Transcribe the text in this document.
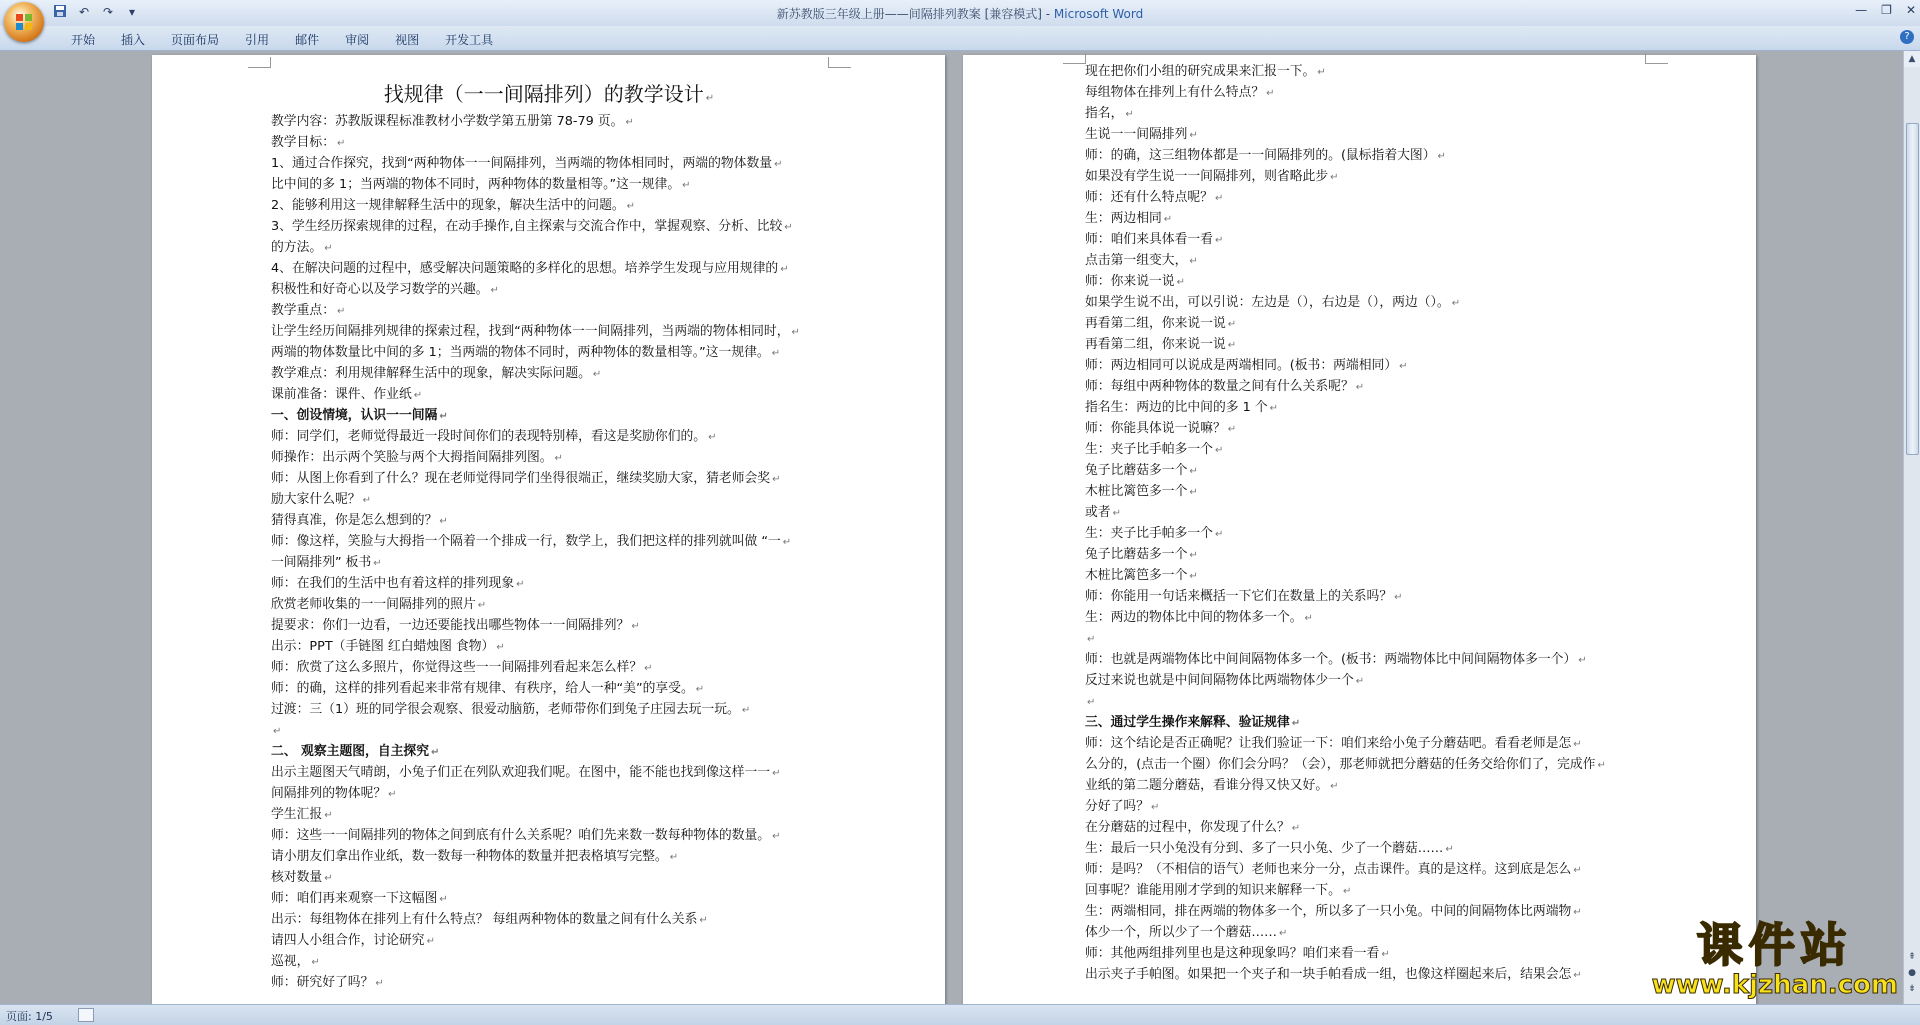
↶ ↷	▾	新苏教版三年级上册——间隔排列教案 [兼容模式] - Microsoft Word	— ❐ ✕
开始	插入	页面布局	引用	邮件	审阅	视图	开发工具	?
找规律（一一间隔排列）的教学设计 ↵
教学内容：苏教版课程标准教材小学数学第五册第 78-79 页。 ↵
教学目标： ↵
1、通过合作探究，找到“两种物体一一间隔排列，当两端的物体相同时，两端的物体数量 ↵
比中间的多 1；当两端的物体不同时，两种物体的数量相等。”这一规律。 ↵
2、能够利用这一规律解释生活中的现象，解决生活中的问题。 ↵
3、学生经历探索规律的过程，在动手操作,自主探索与交流合作中，掌握观察、分析、比较 ↵
的方法。 ↵
4、在解决问题的过程中，感受解决问题策略的多样化的思想。培养学生发现与应用规律的 ↵
积极性和好奇心以及学习数学的兴趣。 ↵
教学重点： ↵
让学生经历间隔排列规律的探索过程，找到“两种物体一一间隔排列，当两端的物体相同时， ↵
两端的物体数量比中间的多 1；当两端的物体不同时，两种物体的数量相等。”这一规律。 ↵
教学难点：利用规律解释生活中的现象，解决实际问题。 ↵
课前准备：课件、作业纸 ↵
一、创设情境，认识一一间隔 ↵
师：同学们，老师觉得最近一段时间你们的表现特别棒，看这是奖励你们的。 ↵
师操作：出示两个笑脸与两个大拇指间隔排列图。 ↵
师：从图上你看到了什么？现在老师觉得同学们坐得很端正，继续奖励大家，猜老师会奖 ↵
励大家什么呢？ ↵
猜得真准，你是怎么想到的？ ↵
师：像这样，笑脸与大拇指一个隔着一个排成一行，数学上，我们把这样的排列就叫做 “一 ↵
一间隔排列” 板书 ↵
师：在我们的生活中也有着这样的排列现象 ↵
欣赏老师收集的一一间隔排列的照片 ↵
提要求：你们一边看，一边还要能找出哪些物体一一间隔排列？ ↵
出示：PPT（手链图 红白蜡烛图 食物） ↵
师：欣赏了这么多照片，你觉得这些一一间隔排列看起来怎么样？ ↵
师：的确，这样的排列看起来非常有规律、有秩序，给人一种“美”的享受。 ↵
过渡：三（1）班的同学很会观察、很爱动脑筋，老师带你们到兔子庄园去玩一玩。 ↵
↵
二、 观察主题图，自主探究 ↵
出示主题图天气晴朗，小兔子们正在列队欢迎我们呢。在图中，能不能也找到像这样一一 ↵
间隔排列的物体呢？ ↵
学生汇报 ↵
师：这些一一间隔排列的物体之间到底有什么关系呢？咱们先来数一数每种物体的数量。 ↵
请小朋友们拿出作业纸，数一数每一种物体的数量并把表格填写完整。 ↵
核对数量 ↵
师：咱们再来观察一下这幅图 ↵
出示：每组物体在排列上有什么特点？ 每组两种物体的数量之间有什么关系 ↵
请四人小组合作，讨论研究 ↵
巡视， ↵
师：研究好了吗？ ↵
现在把你们小组的研究成果来汇报一下。 ↵
每组物体在排列上有什么特点？ ↵
指名， ↵
生说一一间隔排列 ↵
师：的确，这三组物体都是一一间隔排列的。(鼠标指着大图） ↵
如果没有学生说一一间隔排列，则省略此步 ↵
师：还有什么特点呢？ ↵
生：两边相同 ↵
师：咱们来具体看一看 ↵
点击第一组变大， ↵
师：你来说一说 ↵
如果学生说不出，可以引说：左边是（），右边是（），两边（）。 ↵
再看第二组，你来说一说 ↵
再看第二组，你来说一说 ↵
师：两边相同可以说成是两端相同。(板书：两端相同） ↵
师：每组中两种物体的数量之间有什么关系呢？ ↵
指名生：两边的比中间的多 1 个 ↵
师：你能具体说一说嘛？ ↵
生：夹子比手帕多一个 ↵
兔子比蘑菇多一个 ↵
木桩比篱笆多一个 ↵
或者 ↵
生：夹子比手帕多一个 ↵
兔子比蘑菇多一个 ↵
木桩比篱笆多一个 ↵
师：你能用一句话来概括一下它们在数量上的关系吗？ ↵
生：两边的物体比中间的物体多一个。 ↵
↵
师：也就是两端物体比中间间隔物体多一个。(板书：两端物体比中间间隔物体多一个） ↵
反过来说也就是中间间隔物体比两端物体少一个 ↵
↵
三、通过学生操作来解释、验证规律 ↵
师：这个结论是否正确呢？让我们验证一下：咱们来给小兔子分蘑菇吧。看看老师是怎 ↵
么分的，(点击一个圈）你们会分吗？（会），那老师就把分蘑菇的任务交给你们了，完成作 ↵
业纸的第二题分蘑菇，看谁分得又快又好。 ↵
分好了吗？ ↵
在分蘑菇的过程中，你发现了什么？ ↵
生：最后一只小兔没有分到、多了一只小兔、少了一个蘑菇…… ↵
师：是吗？（不相信的语气）老师也来分一分，点击课件。真的是这样。这到底是怎么 ↵
回事呢？谁能用刚才学到的知识来解释一下。 ↵
生：两端相同，排在两端的物体多一个，所以多了一只小兔。中间的间隔物体比两端物 ↵
体少一个，所以少了一个蘑菇…… ↵
师：其他两组排列里也是这种现象吗？咱们来看一看 ↵
出示夹子手帕图。如果把一个夹子和一块手帕看成一组，也像这样圈起来后，结果会怎 ↵
▲
⇞
●
⇟
页面: 1/5
课件站
www.kjzhan.com
